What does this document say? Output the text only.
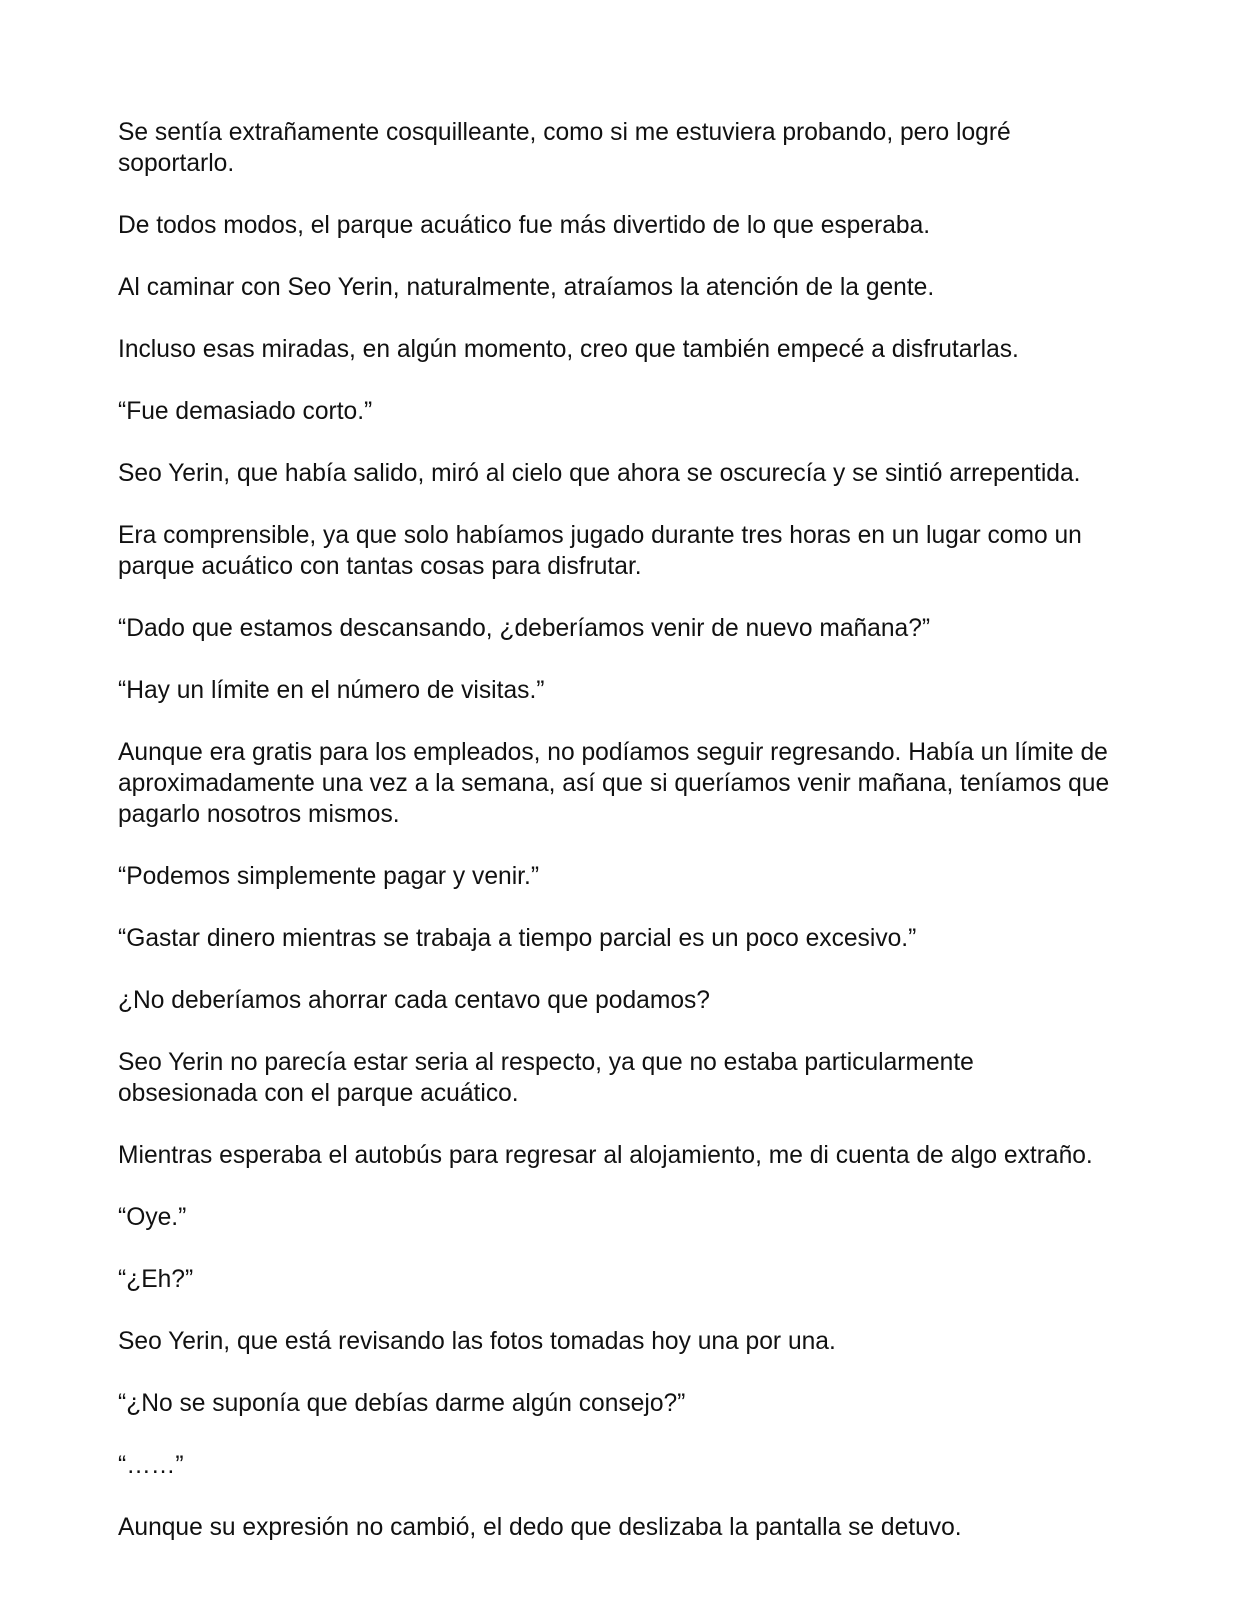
Se sentía extrañamente cosquilleante, como si me estuviera probando, pero logré soportarlo.

De todos modos, el parque acuático fue más divertido de lo que esperaba.

Al caminar con Seo Yerin, naturalmente, atraíamos la atención de la gente.

Incluso esas miradas, en algún momento, creo que también empecé a disfrutarlas.

“Fue demasiado corto.”

Seo Yerin, que había salido, miró al cielo que ahora se oscurecía y se sintió arrepentida.

Era comprensible, ya que solo habíamos jugado durante tres horas en un lugar como un parque acuático con tantas cosas para disfrutar.

“Dado que estamos descansando, ¿deberíamos venir de nuevo mañana?”

“Hay un límite en el número de visitas.”

Aunque era gratis para los empleados, no podíamos seguir regresando. Había un límite de aproximadamente una vez a la semana, así que si queríamos venir mañana, teníamos que pagarlo nosotros mismos.

“Podemos simplemente pagar y venir.”

“Gastar dinero mientras se trabaja a tiempo parcial es un poco excesivo.”

¿No deberíamos ahorrar cada centavo que podamos?

Seo Yerin no parecía estar seria al respecto, ya que no estaba particularmente obsesionada con el parque acuático.

Mientras esperaba el autobús para regresar al alojamiento, me di cuenta de algo extraño.

“Oye.”

“¿Eh?”

Seo Yerin, que está revisando las fotos tomadas hoy una por una.

“¿No se suponía que debías darme algún consejo?”

“……”

Aunque su expresión no cambió, el dedo que deslizaba la pantalla se detuvo.
